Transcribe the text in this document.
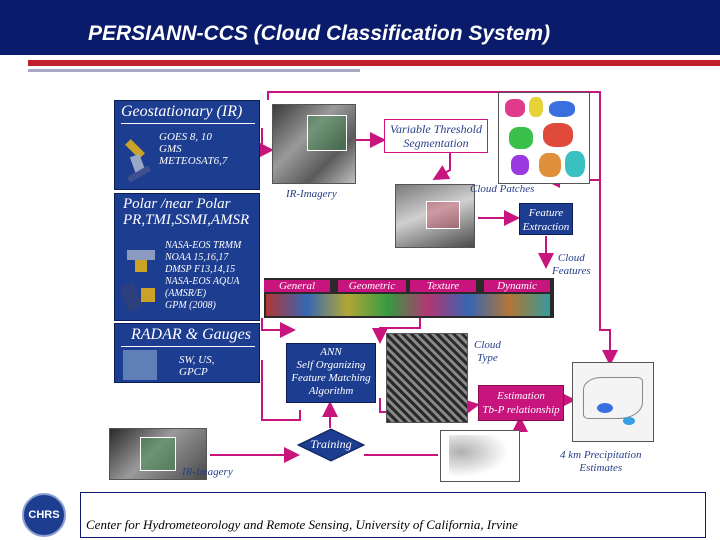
PERSIANN-CCS (Cloud Classification System)
Geostationary (IR)
GOES 8, 10
GMS
METEOSAT6,7
Polar /near Polar
PR,TMI,SSMI,AMSR
NASA-EOS TRMM
NOAA 15,16,17
DMSP F13,14,15
NASA-EOS AQUA
(AMSR/E)
GPM (2008)
RADAR & Gauges
SW, US,
GPCP
IR-Imagery
Variable Threshold
Segmentation
Cloud Patches
Feature
Extraction
Cloud
Features
General	Geometric	Texture	Dynamic
ANN
Self Organizing
Feature Matching
Algorithm
Cloud
Type
Estimation
Tb-P relationship
4 km Precipitation
Estimates
Training
IR-Imagery
CHRS
Center for Hydrometeorology and Remote Sensing, University of California, Irvine
